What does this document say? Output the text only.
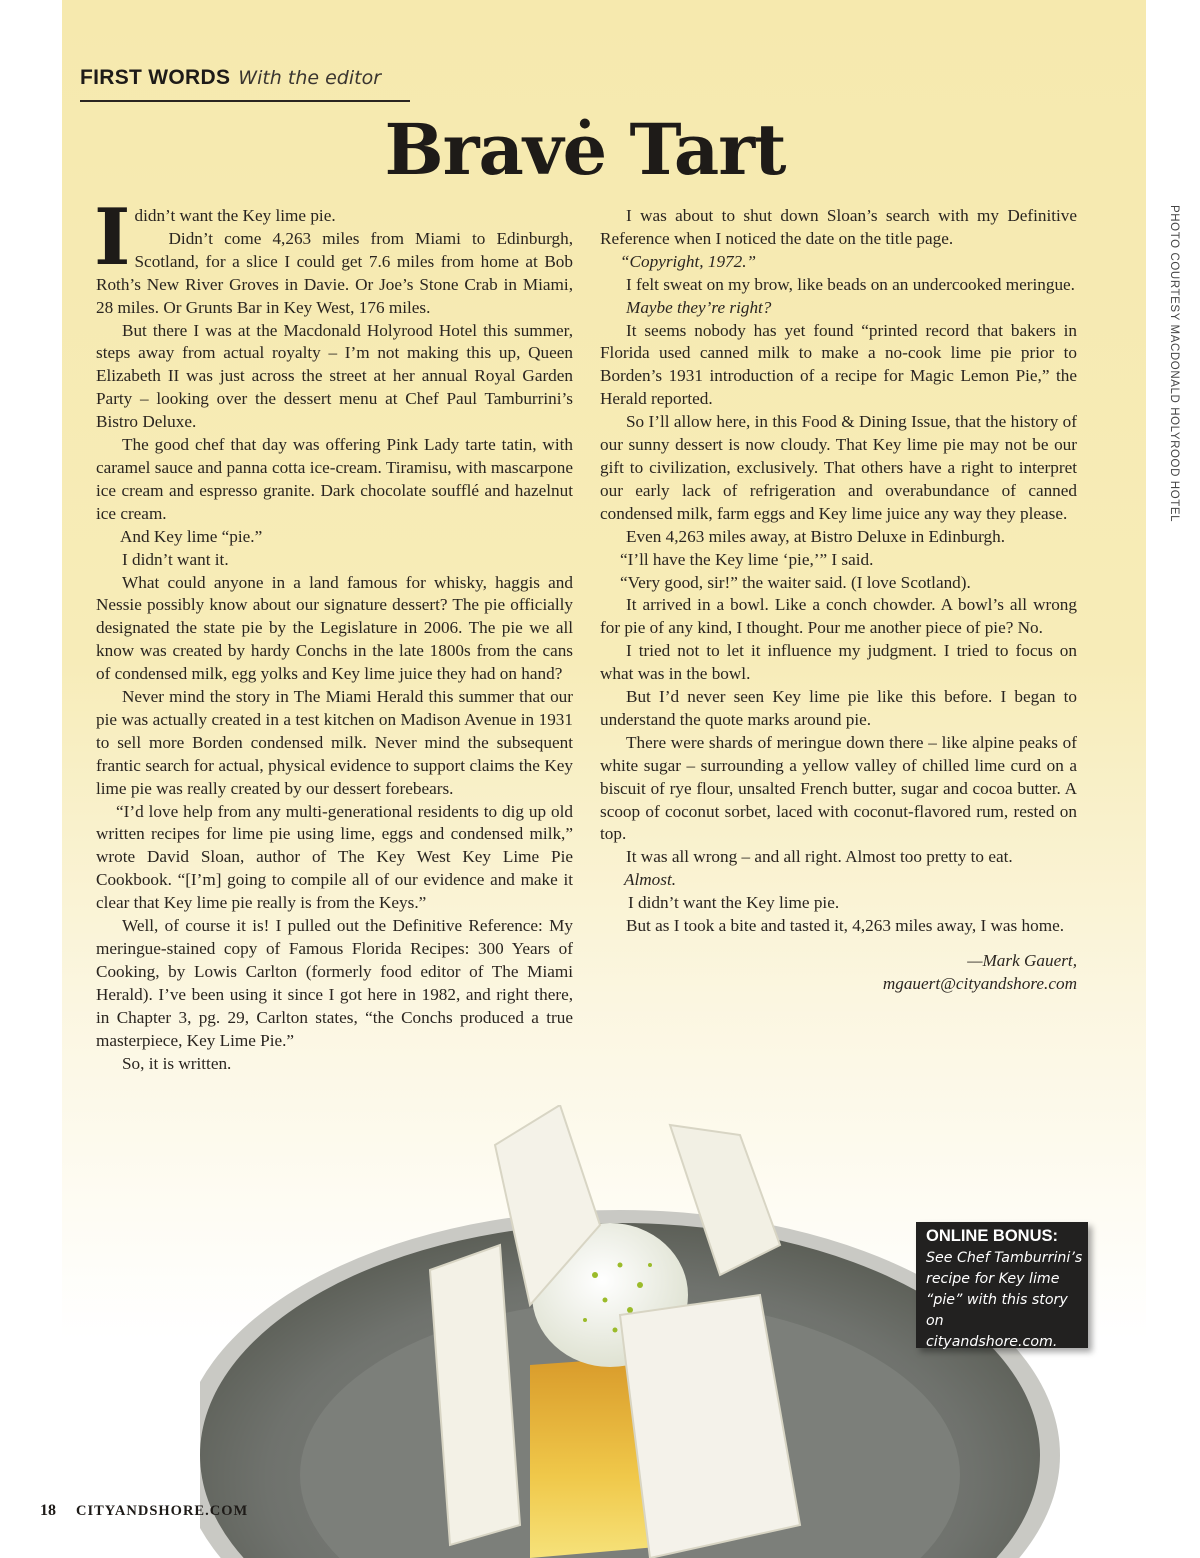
FIRST WORDS With the editor
Bravė Tart
PHOTO COURTESY MACDONALD HOLYROOD HOTEL

Ididn’t want the Key lime pie.

Didn’t come 4,263 miles from Miami to Edinburgh, Scotland, for a slice I could get 7.6 miles from home at Bob Roth’s New River Groves in Davie. Or Joe’s Stone Crab in Miami, 28 miles. Or Grunts Bar in Key West, 176 miles.

But there I was at the Macdonald Holyrood Hotel this summer, steps away from actual royalty – I’m not making this up, Queen Elizabeth II was just across the street at her annual Royal Garden Party – looking over the dessert menu at Chef Paul Tamburrini’s Bistro Deluxe.

The good chef that day was offering Pink Lady tarte tatin, with caramel sauce and panna cotta ice-cream. Tiramisu, with mascarpone ice cream and espresso granite. Dark chocolate soufflé and hazelnut ice cream.

And Key lime “pie.”

I didn’t want it.

What could anyone in a land famous for whisky, haggis and Nessie possibly know about our signature dessert? The pie officially designated the state pie by the Legislature in 2006. The pie we all know was created by hardy Conchs in the late 1800s from the cans of condensed milk, egg yolks and Key lime juice they had on hand?

Never mind the story in The Miami Herald this summer that our pie was actually created in a test kitchen on Madison Avenue in 1931 to sell more Borden condensed milk. Never mind the subsequent frantic search for actual, physical evidence to support claims the Key lime pie was really created by our dessert forebears.

“I’d love help from any multi-generational residents to dig up old written recipes for lime pie using lime, eggs and condensed milk,” wrote David Sloan, author of The Key West Key Lime Pie Cookbook. “[I’m] going to compile all of our evidence and make it clear that Key lime pie really is from the Keys.”

Well, of course it is! I pulled out the Definitive Reference: My meringue-stained copy of Famous Florida Recipes: 300 Years of Cooking, by Lowis Carlton (formerly food editor of The Miami Herald). I’ve been using it since I got here in 1982, and right there, in Chapter 3, pg. 29, Carlton states, “the Conchs produced a true masterpiece, Key Lime Pie.”

So, it is written.

I was about to shut down Sloan’s search with my Definitive Reference when I noticed the date on the title page.

“Copyright, 1972.”

I felt sweat on my brow, like beads on an undercooked meringue.

Maybe they’re right?

It seems nobody has yet found “printed record that bakers in Florida used canned milk to make a no-cook lime pie prior to Borden’s 1931 introduction of a recipe for Magic Lemon Pie,” the Herald reported.

So I’ll allow here, in this Food & Dining Issue, that the history of our sunny dessert is now cloudy. That Key lime pie may not be our gift to civilization, exclusively. That others have a right to interpret our early lack of refrigeration and overabundance of canned condensed milk, farm eggs and Key lime juice any way they please.

Even 4,263 miles away, at Bistro Deluxe in Edinburgh.

“I’ll have the Key lime ‘pie,’” I said.

“Very good, sir!” the waiter said. (I love Scotland).

It arrived in a bowl. Like a conch chowder. A bowl’s all wrong for pie of any kind, I thought. Pour me another piece of pie? No.

I tried not to let it influence my judgment. I tried to focus on what was in the bowl.

But I’d never seen Key lime pie like this before. I began to understand the quote marks around pie.

There were shards of meringue down there – like alpine peaks of white sugar – surrounding a yellow valley of chilled lime curd on a biscuit of rye flour, unsalted French butter, sugar and cocoa butter. A scoop of coconut sorbet, laced with coconut-flavored rum, rested on top.

It was all wrong – and all right. Almost too pretty to eat.

Almost.

I didn’t want the Key lime pie.

But as I took a bite and tasted it, 4,263 miles away, I was home.

—Mark Gauert,
mgauert@cityandshore.com
ONLINE BONUS:
See Chef Tamburrini’s
recipe for Key lime
“pie” with this story on
cityandshore.com.
18 CITYANDSHORE.COM
